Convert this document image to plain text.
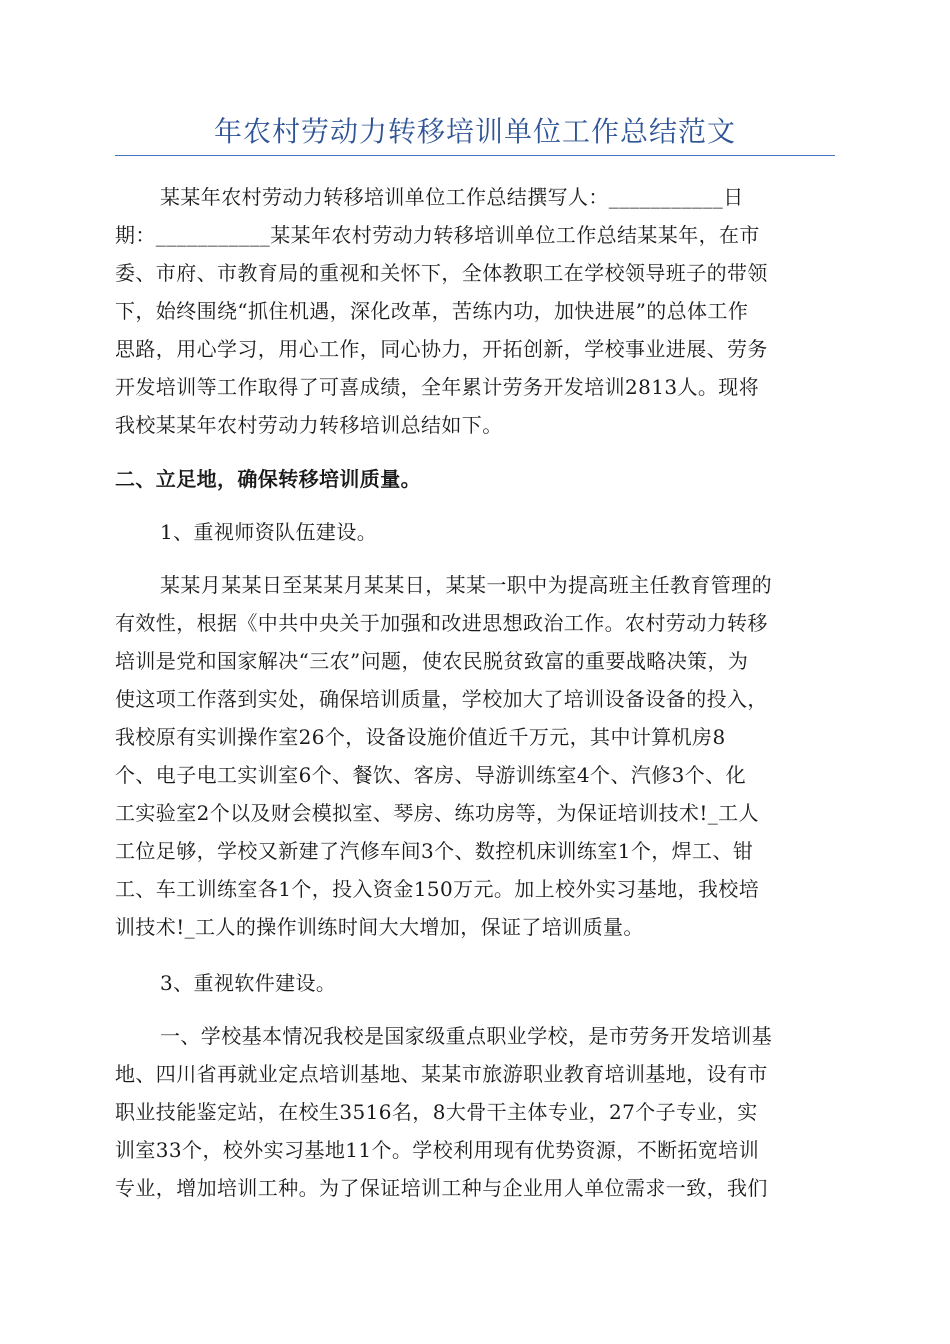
年农村劳动力转移培训单位工作总结范文

某某年农村劳动力转移培训单位工作总结撰写人：___________日
期：___________某某年农村劳动力转移培训单位工作总结某某年，在市
委、市府、市教育局的重视和关怀下，全体教职工在学校领导班子的带领
下，始终围绕“抓住机遇，深化改革，苦练内功，加快进展”的总体工作
思路，用心学习，用心工作，同心协力，开拓创新，学校事业进展、劳务
开发培训等工作取得了可喜成绩，全年累计劳务开发培训2813人。现将
我校某某年农村劳动力转移培训总结如下。

二、立足地，确保转移培训质量。

1、重视师资队伍建设。

某某月某某日至某某月某某日，某某一职中为提高班主任教育管理的
有效性，根据《中共中央关于加强和改进思想政治工作。农村劳动力转移
培训是党和国家解决“三农”问题，使农民脱贫致富的重要战略决策，为
使这项工作落到实处，确保培训质量，学校加大了培训设备设备的投入，
我校原有实训操作室26个，设备设施价值近千万元，其中计算机房8
个、电子电工实训室6个、餐饮、客房、导游训练室4个、汽修3个、化
工实验室2个以及财会模拟室、琴房、练功房等，为保证培训技术!_工人
工位足够，学校又新建了汽修车间3个、数控机床训练室1个，焊工、钳
工、车工训练室各1个，投入资金150万元。加上校外实习基地，我校培
训技术!_工人的操作训练时间大大增加，保证了培训质量。

3、重视软件建设。

一、学校基本情况我校是国家级重点职业学校，是市劳务开发培训基
地、四川省再就业定点培训基地、某某市旅游职业教育培训基地，设有市
职业技能鉴定站，在校生3516名，8大骨干主体专业，27个子专业，实
训室33个，校外实习基地11个。学校利用现有优势资源，不断拓宽培训
专业，增加培训工种。为了保证培训工种与企业用人单位需求一致，我们
